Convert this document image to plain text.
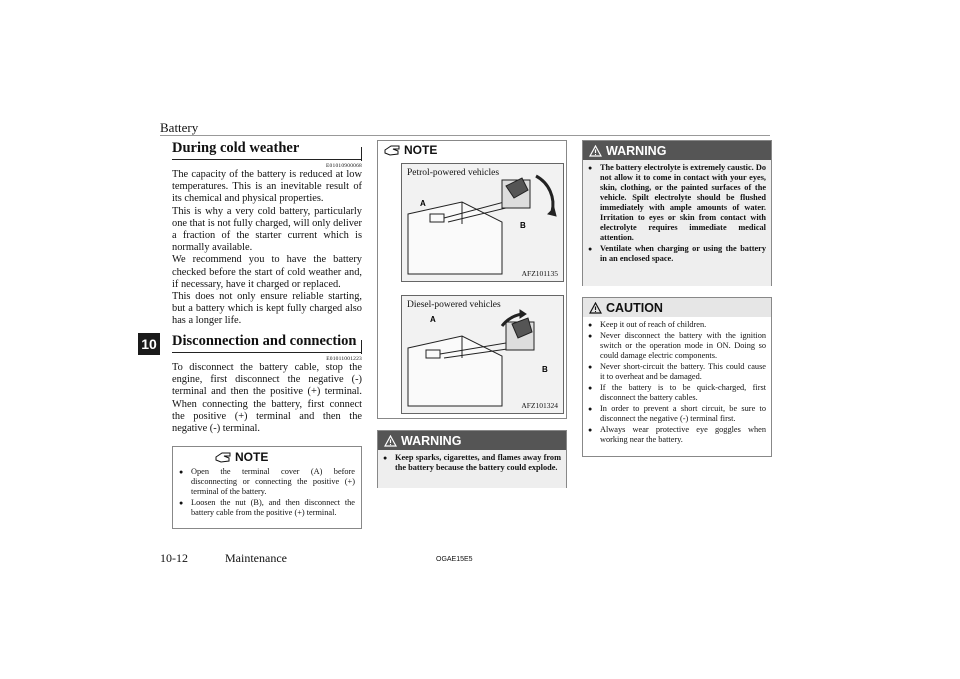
Battery
10
During cold weather
E01010900068

The capacity of the battery is reduced at low temperatures. This is an inevitable result of its chemical and physical properties.

This is why a very cold battery, particularly one that is not fully charged, will only deliver a fraction of the starter current which is normally available.

We recommend you to have the battery checked before the start of cold weather and, if necessary, have it charged or replaced.

This does not only ensure reliable starting, but a battery which is kept fully charged also has a longer life.

Disconnection and connection
E01011001223

To disconnect the battery cable, stop the engine, first disconnect the negative (-) terminal and then the positive (+) terminal. When connecting the battery, first connect the positive (+) terminal and then the negative (-) terminal.

NOTE
● Open the terminal cover (A) before disconnecting or connecting the positive (+) terminal of the battery.
● Loosen the nut (B), and then disconnect the battery cable from the positive (+) terminal.
NOTE
Petrol-powered vehicles
A
B
AFZ101135
Diesel-powered vehicles
A
B
AFZ101324
WARNING
● Keep sparks, cigarettes, and flames away from the battery because the battery could explode.
WARNING
● The battery electrolyte is extremely caustic. Do not allow it to come in contact with your eyes, skin, clothing, or the painted surfaces of the vehicle. Spilt electrolyte should be flushed immediately with ample amounts of water. Irritation to eyes or skin from contact with electrolyte requires immediate medical attention.
● Ventilate when charging or using the battery in an enclosed space.
CAUTION
● Keep it out of reach of children.
● Never disconnect the battery with the ignition switch or the operation mode in ON. Doing so could damage electric components.
● Never short-circuit the battery. This could cause it to overheat and be damaged.
● If the battery is to be quick-charged, first disconnect the battery cables.
● In order to prevent a short circuit, be sure to disconnect the negative (-) terminal first.
● Always wear protective eye goggles when working near the battery.
10-12	Maintenance	OGAE15E5
